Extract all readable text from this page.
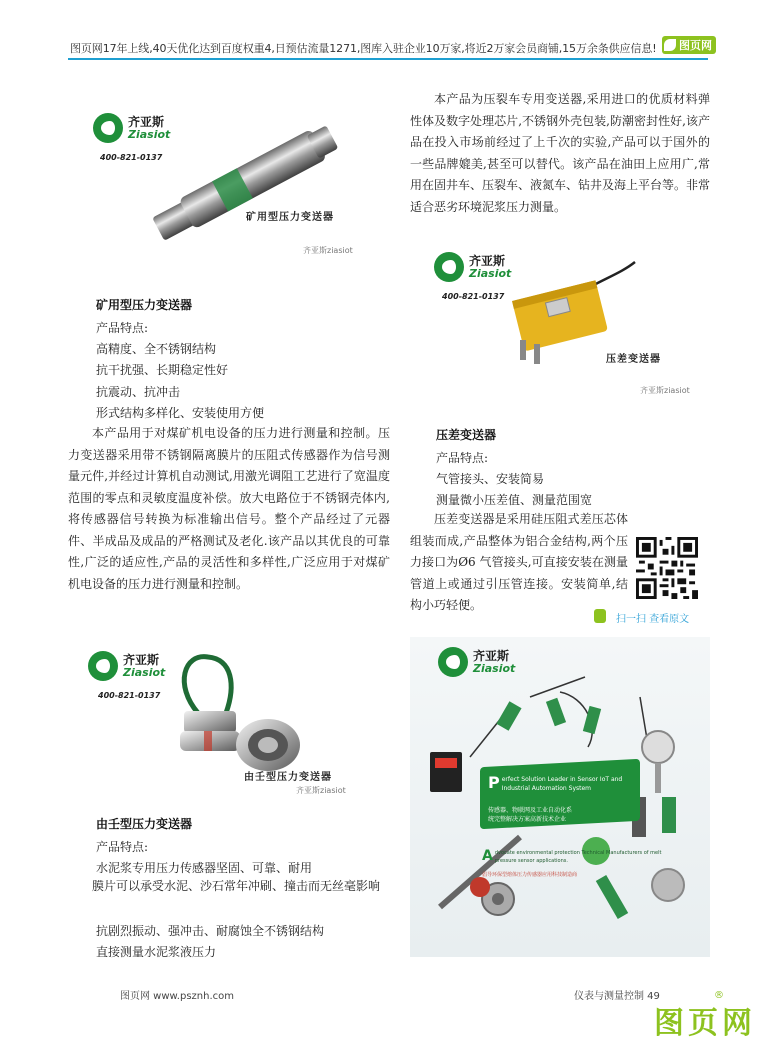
图页网17年上线,40天优化达到百度权重4,日预估流量1271,图库入驻企业10万家,将近2万家会员商铺,15万余条供应信息! 图页网
齐亚斯
Ziasiot
400-821-0137
矿用型压力变送器
齐亚斯ziasiot
矿用型压力变送器
产品特点:
高精度、全不锈钢结构
抗干扰强、长期稳定性好
抗震动、抗冲击
形式结构多样化、安装使用方便
本产品用于对煤矿机电设备的压力进行测量和控制。压力变送器采用带不锈钢隔离膜片的压阻式传感器作为信号测量元件,并经过计算机自动测试,用激光调阻工艺进行了宽温度范围的零点和灵敏度温度补偿。放大电路位于不锈钢壳体内,将传感器信号转换为标准输出信号。整个产品经过了元器件、半成品及成品的严格测试及老化.该产品以其优良的可靠性,广泛的适应性,产品的灵活性和多样性,广泛应用于对煤矿机电设备的压力进行测量和控制。
齐亚斯
Ziasiot
400-821-0137
由壬型压力变送器
齐亚斯ziasiot
由壬型压力变送器
产品特点:
水泥浆专用压力传感器坚固、可靠、耐用
膜片可以承受水泥、沙石常年冲刷、撞击而无丝毫影响
抗剧烈振动、强冲击、耐腐蚀全不锈钢结构
直接测量水泥浆液压力
本产品为压裂车专用变送器,采用进口的优质材料弹性体及数字处理芯片,不锈钢外壳包装,防潮密封性好,该产品在投入市场前经过了上千次的实验,产品可以于国外的一些品牌媲美,甚至可以替代。该产品在油田上应用广,常用在固井车、压裂车、液氮车、钻井及海上平台等。非常适合恶劣环境泥浆压力测量。
齐亚斯
Ziasiot
400-821-0137
压差变送器
齐亚斯ziasiot
压差变送器
产品特点:
气管接头、安装简易
测量微小压差值、测量范围宽
压差变送器是采用硅压阻式差压芯体组装而成,产品整体为铝合金结构,两个压力接口为Ø6 气管接头,可直接安装在测量管道上或通过引压管连接。安装简单,结构小巧轻便。
扫一扫 查看原文
齐亚斯
Ziasiot
Perfect Solution Leader in Sensor IoT and Industrial Automation System
传感器、物联网及工业自动化系
统完整解决方案高新技术企业
Advocate environmental protection Technical Manufacturers of melt pressure sensor applications.
倡导环保型熔体压力传感器应用科技制造商
图页网 www.psznh.com	仪表与测量控制 49
图页网
®
